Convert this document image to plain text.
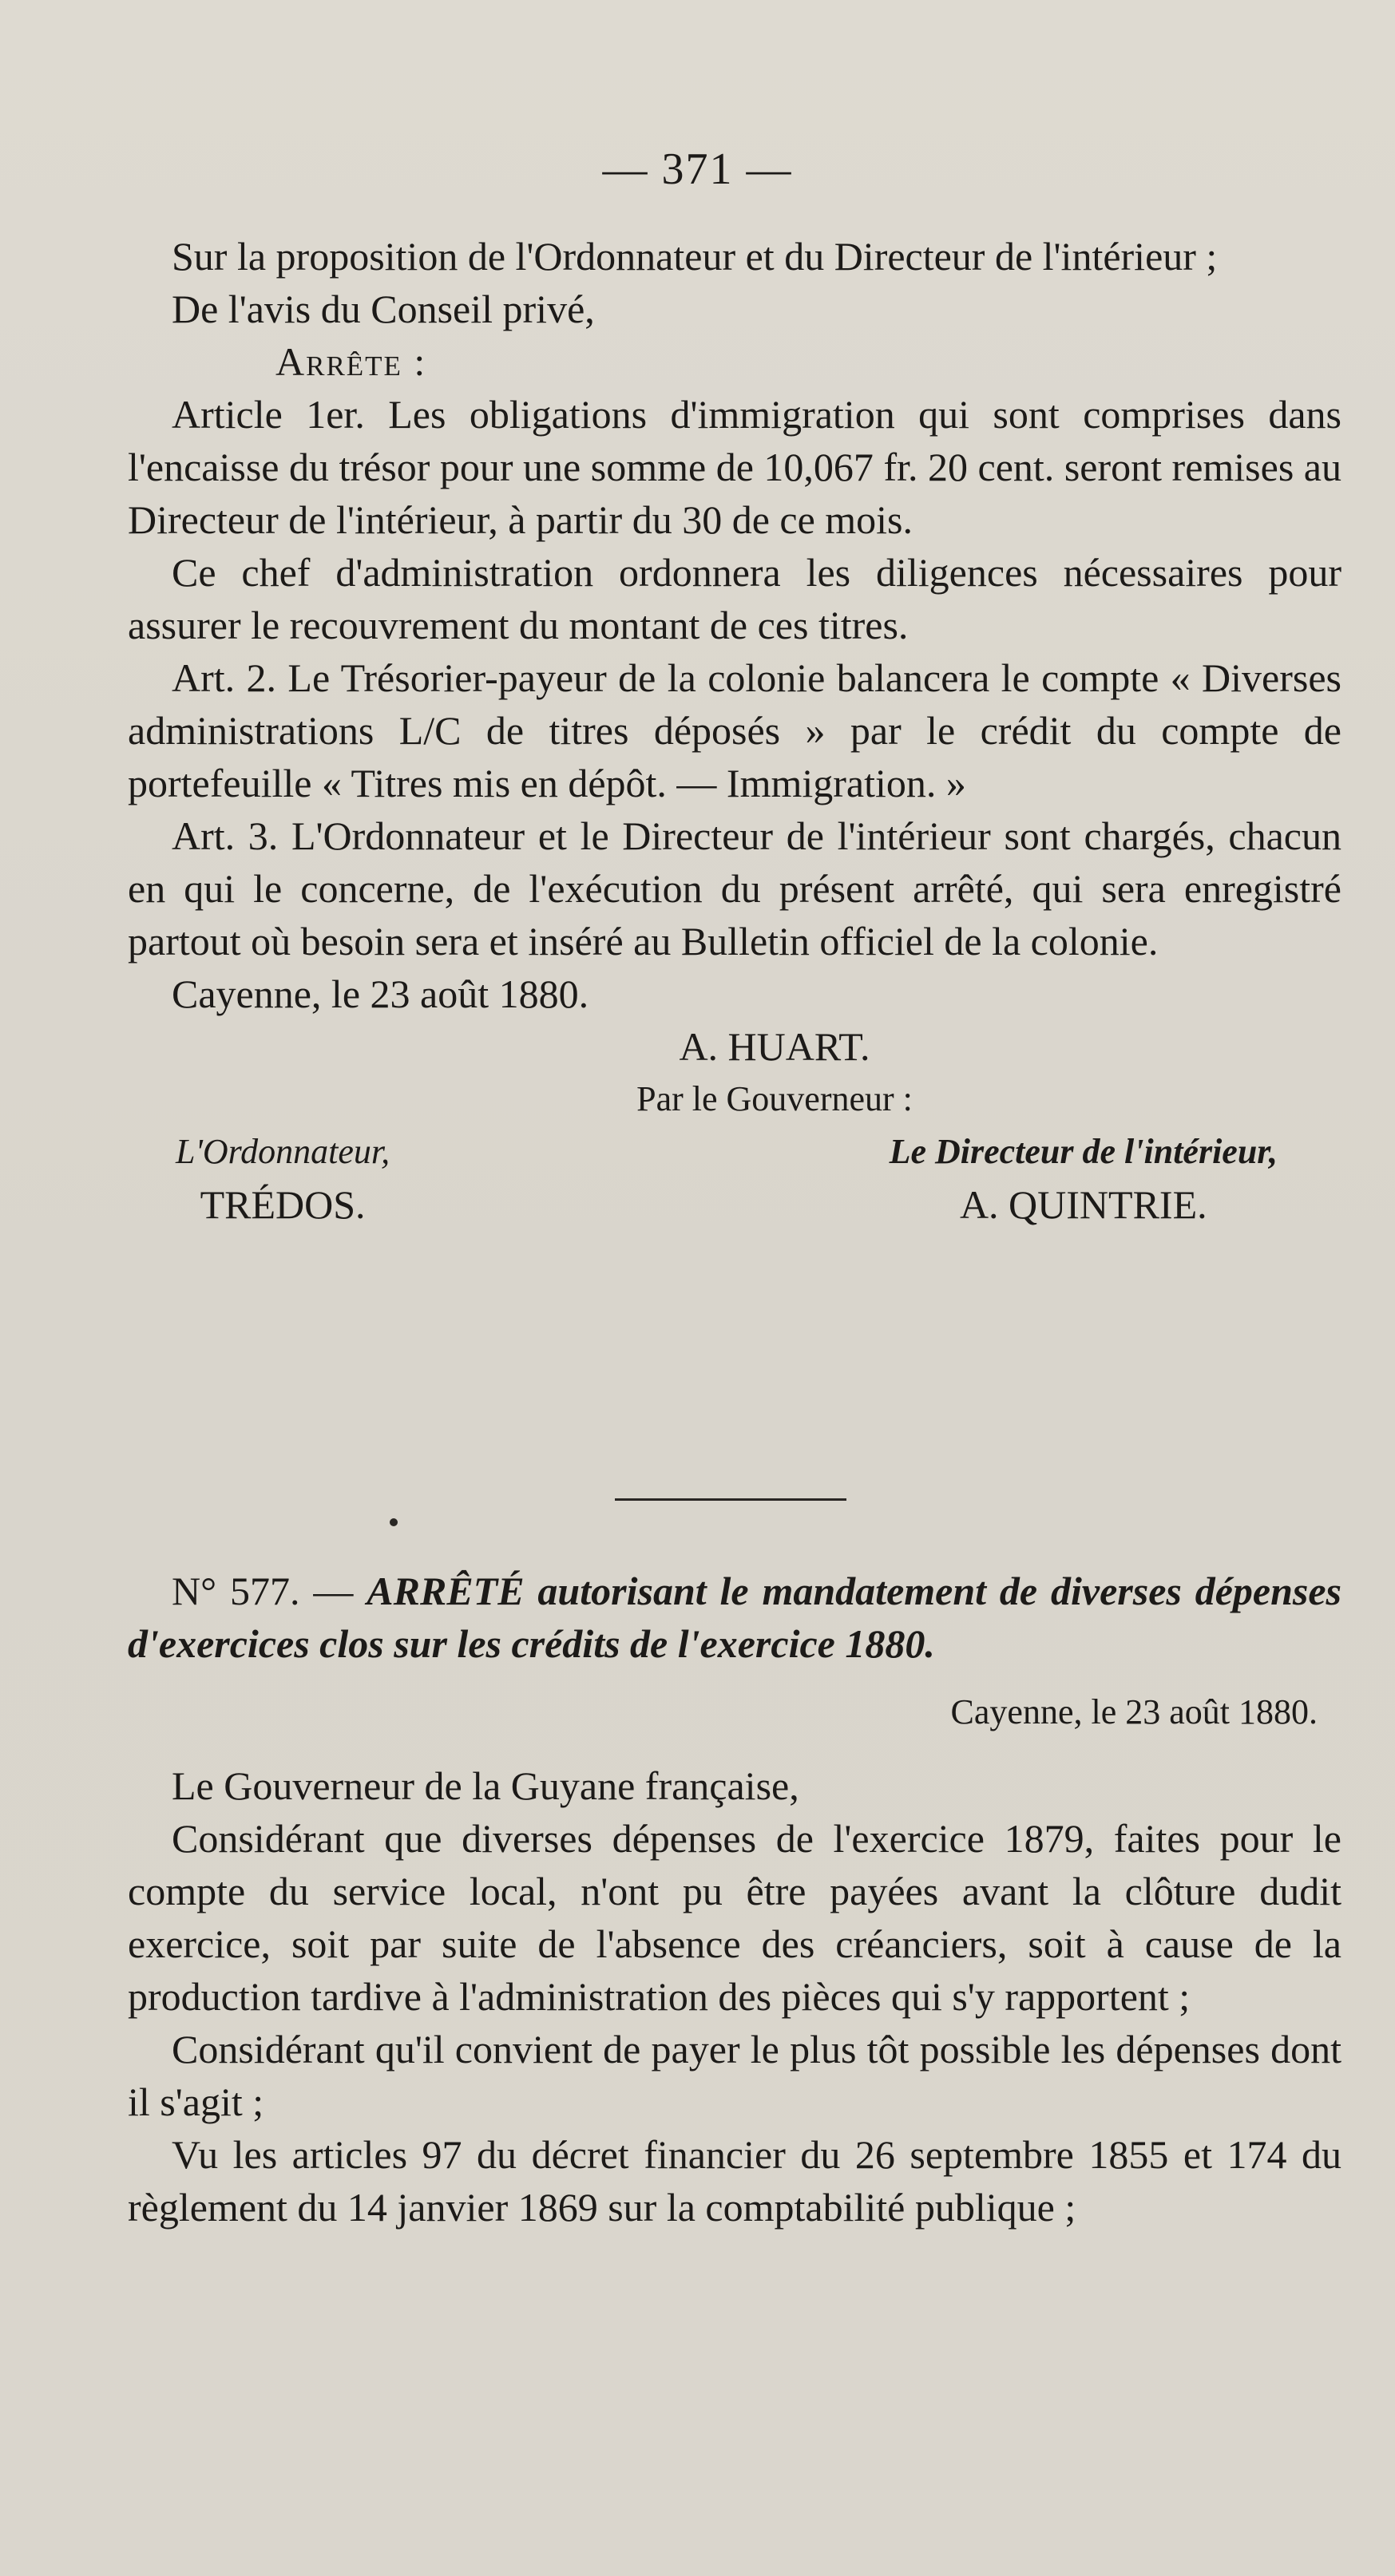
— 371 —

Sur la proposition de l'Ordonnateur et du Directeur de l'intérieur ;

De l'avis du Conseil privé,

Arrête :

Article 1er. Les obligations d'immigration qui sont comprises dans l'encaisse du trésor pour une somme de 10,067 fr. 20 cent. seront remises au Directeur de l'intérieur, à partir du 30 de ce mois.

Ce chef d'administration ordonnera les diligences nécessaires pour assurer le recouvrement du montant de ces titres.

Art. 2. Le Trésorier-payeur de la colonie balancera le compte « Diverses administrations L/C de titres déposés » par le crédit du compte de portefeuille « Titres mis en dépôt. — Immigration. »

Art. 3. L'Ordonnateur et le Directeur de l'intérieur sont chargés, chacun en qui le concerne, de l'exécution du présent arrêté, qui sera enregistré partout où besoin sera et inséré au Bulletin officiel de la colonie.

Cayenne, le 23 août 1880.

A. HUART.

Par le Gouverneur :

L'Ordonnateur,
TRÉDOS.
Le Directeur de l'intérieur,
A. QUINTRIE.

N° 577. — ARRÊTÉ autorisant le mandatement de diverses dépenses d'exercices clos sur les crédits de l'exercice 1880.

Cayenne, le 23 août 1880.

Le Gouverneur de la Guyane française,

Considérant que diverses dépenses de l'exercice 1879, faites pour le compte du service local, n'ont pu être payées avant la clôture dudit exercice, soit par suite de l'absence des créanciers, soit à cause de la production tardive à l'administration des pièces qui s'y rapportent ;

Considérant qu'il convient de payer le plus tôt possible les dépenses dont il s'agit ;

Vu les articles 97 du décret financier du 26 septembre 1855 et 174 du règlement du 14 janvier 1869 sur la comptabilité publique ;
